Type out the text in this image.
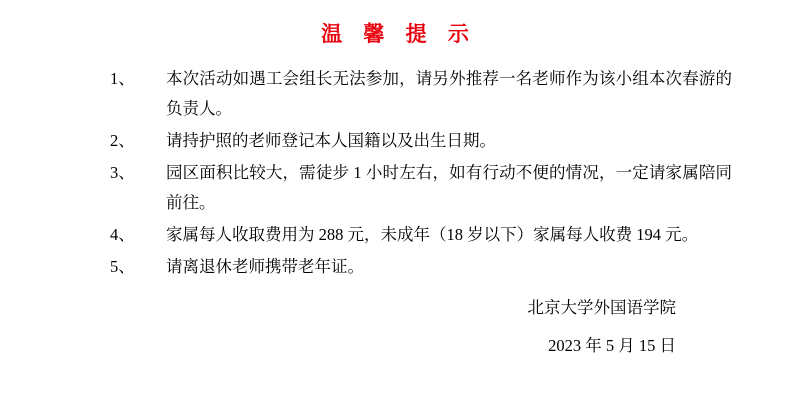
温 馨 提 示
1、	本次活动如遇工会组长无法参加，请另外推荐一名老师作为该小组本次春游的负责人。
2、	请持护照的老师登记本人国籍以及出生日期。
3、	园区面积比较大，需徒步 1 小时左右，如有行动不便的情况，一定请家属陪同前往。
4、	家属每人收取费用为 288 元，未成年（18 岁以下）家属每人收费 194 元。
5、	请离退休老师携带老年证。
北京大学外国语学院
2023 年 5 月 15 日
